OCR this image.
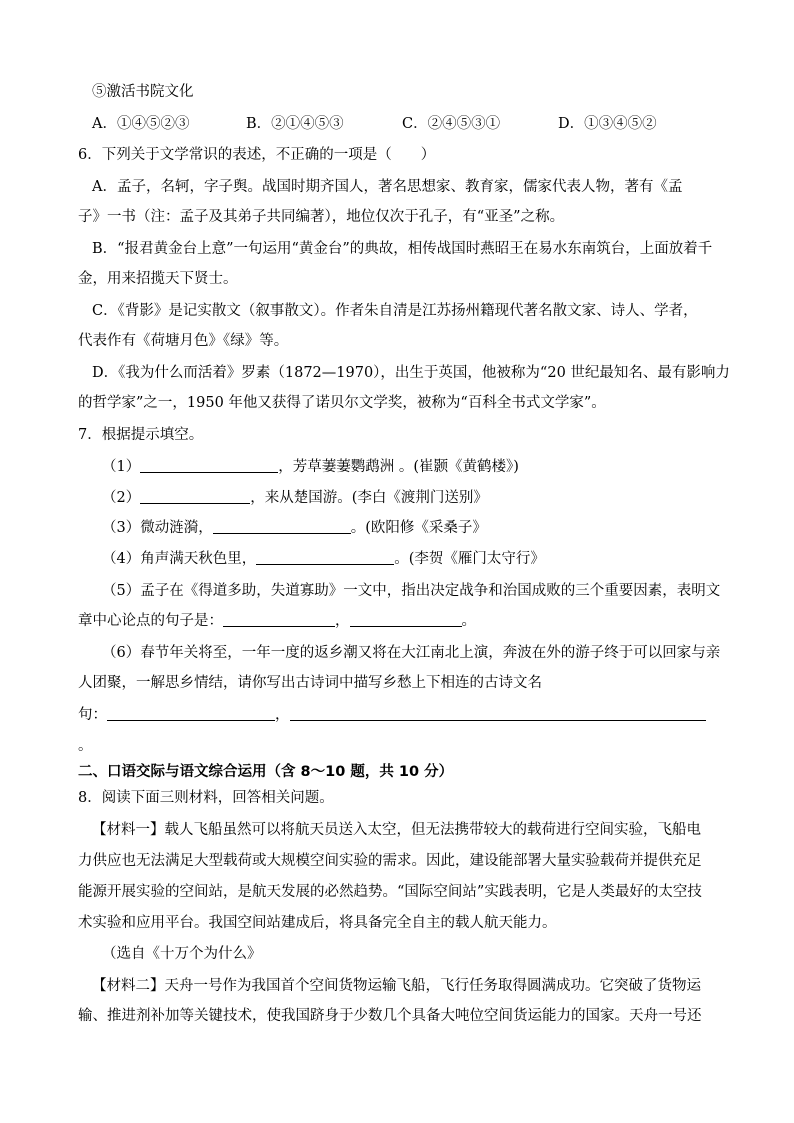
⑤激活书院文化
A．①④⑤②③	B．②①④⑤③	C．②④⑤③①	D．①③④⑤②
6．下列关于文学常识的表述，不正确的一项是（　　）
A．孟子，名轲，字子舆。战国时期齐国人，著名思想家、教育家，儒家代表人物，著有《孟
子》一书（注：孟子及其弟子共同编著），地位仅次于孔子，有“亚圣”之称。
B．“报君黄金台上意”一句运用“黄金台”的典故，相传战国时燕昭王在易水东南筑台，上面放着千
金，用来招揽天下贤士。
C．《背影》是记实散文（叙事散文）。作者朱自清是江苏扬州籍现代著名散文家、诗人、学者，
代表作有《荷塘月色》《绿》等。
D．《我为什么而活着》罗素（1872—1970），出生于英国，他被称为“20 世纪最知名、最有影响力
的哲学家”之一，1950 年他又获得了诺贝尔文学奖，被称为“百科全书式文学家”。
7．根据提示填空。
（1）	，芳草萋萋鹦鹉洲 。(崔颢《黄鹤楼》)
（2）	，来从楚国游。(李白《渡荆门送别》
（3）微动涟漪，	。(欧阳修《采桑子》
（4）角声满天秋色里，	。(李贺《雁门太守行》
（5）孟子在《得道多助，失道寡助》一文中，指出决定战争和治国成败的三个重要因素，表明文
章中心论点的句子是：	，	。
（6）春节年关将至，一年一度的返乡潮又将在大江南北上演，奔波在外的游子终于可以回家与亲
人团聚，一解思乡情结，请你写出古诗词中描写乡愁上下相连的古诗文名
句：	，
。
二、口语交际与语文综合运用（含 8～10 题，共 10 分）
8．阅读下面三则材料，回答相关问题。
【材料一】载人飞船虽然可以将航天员送入太空，但无法携带较大的载荷进行空间实验，飞船电
力供应也无法满足大型载荷或大规模空间实验的需求。因此，建设能部署大量实验载荷并提供充足
能源开展实验的空间站，是航天发展的必然趋势。“国际空间站”实践表明，它是人类最好的太空技
术实验和应用平台。我国空间站建成后，将具备完全自主的载人航天能力。
（选自《十万个为什么》
【材料二】天舟一号作为我国首个空间货物运输飞船，飞行任务取得圆满成功。它突破了货物运
输、推进剂补加等关键技术，使我国跻身于少数几个具备大吨位空间货运能力的国家。天舟一号还
